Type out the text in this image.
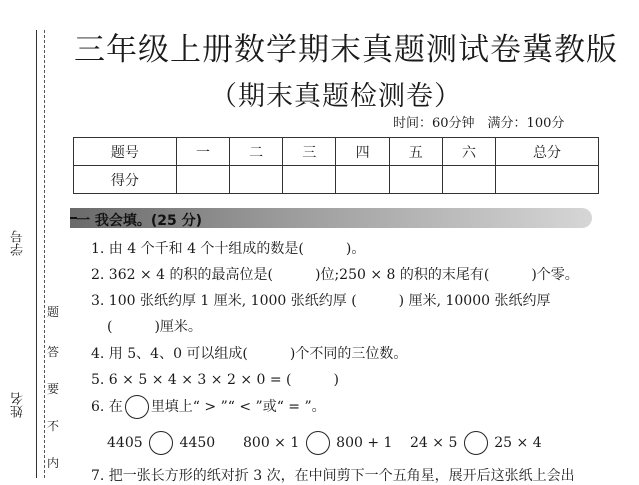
学号
姓名
题
答
要
不
内
三年级上册数学期末真题测试卷冀教版
（期末真题检测卷）
时间：60分钟　满分：100分
题号	一	二	三	四	五	六	总分
得分							
一 我会填。(25 分)
1. 由 4 个千和 4 个十组成的数是(　　　)。
2. 362 × 4 的积的最高位是(　　　)位;250 × 8 的积的末尾有(　　　)个零。
3. 100 张纸约厚 1 厘米, 1000 张纸约厚 (　　　) 厘米, 10000 张纸约厚
(　　　)厘米。
4. 用 5、4、0 可以组成(　　　)个不同的三位数。
5. 6 × 5 × 4 × 3 × 2 × 0 = (　　　)
6. 在 里填上“ > ”“ < ”或“ = ”。
4405	4450 800 × 1	800 + 1 24 × 5	25 × 4
7. 把一张长方形的纸对折 3 次，在中间剪下一个五角星，展开后这张纸上会出
